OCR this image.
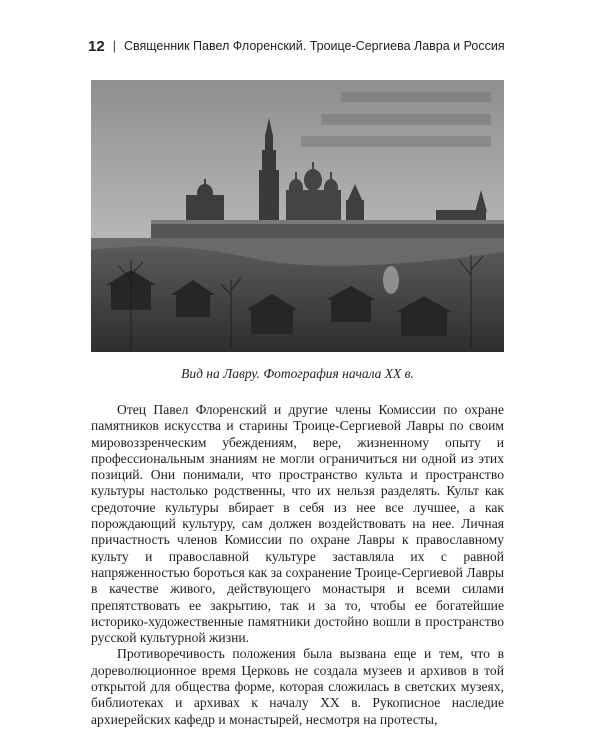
12 | Священник Павел Флоренский. Троице-Сергиева Лавра и Россия
Вид на Лавру. Фотография начала XX в.

Отец Павел Флоренский и другие члены Комиссии по охране памятников искусства и старины Троице-Сергиевой Лавры по своим мировоззренческим убеждениям, вере, жизненному опыту и профессиональным знаниям не могли ограничиться ни одной из этих позиций. Они понимали, что пространство культа и пространство культуры настолько родственны, что их нельзя разделять. Культ как средоточие культуры вбирает в себя из нее все лучшее, а как порождающий культуру, сам должен воздействовать на нее. Личная причастность членов Комиссии по охране Лавры к православному культу и православной культуре заставляла их с равной напряженностью бороться как за сохранение Троице-Сергиевой Лавры в качестве живого, действующего монастыря и всеми силами препятствовать ее закрытию, так и за то, чтобы ее богатейшие историко-художественные памятники достойно вошли в пространство русской культурной жизни.

Противоречивость положения была вызвана еще и тем, что в дореволюционное время Церковь не создала музеев и архивов в той открытой для общества форме, которая сложилась в светских музеях, библиотеках и архивах к началу XX в. Рукописное наследие архиерейских кафедр и монастырей, несмотря на протесты,
